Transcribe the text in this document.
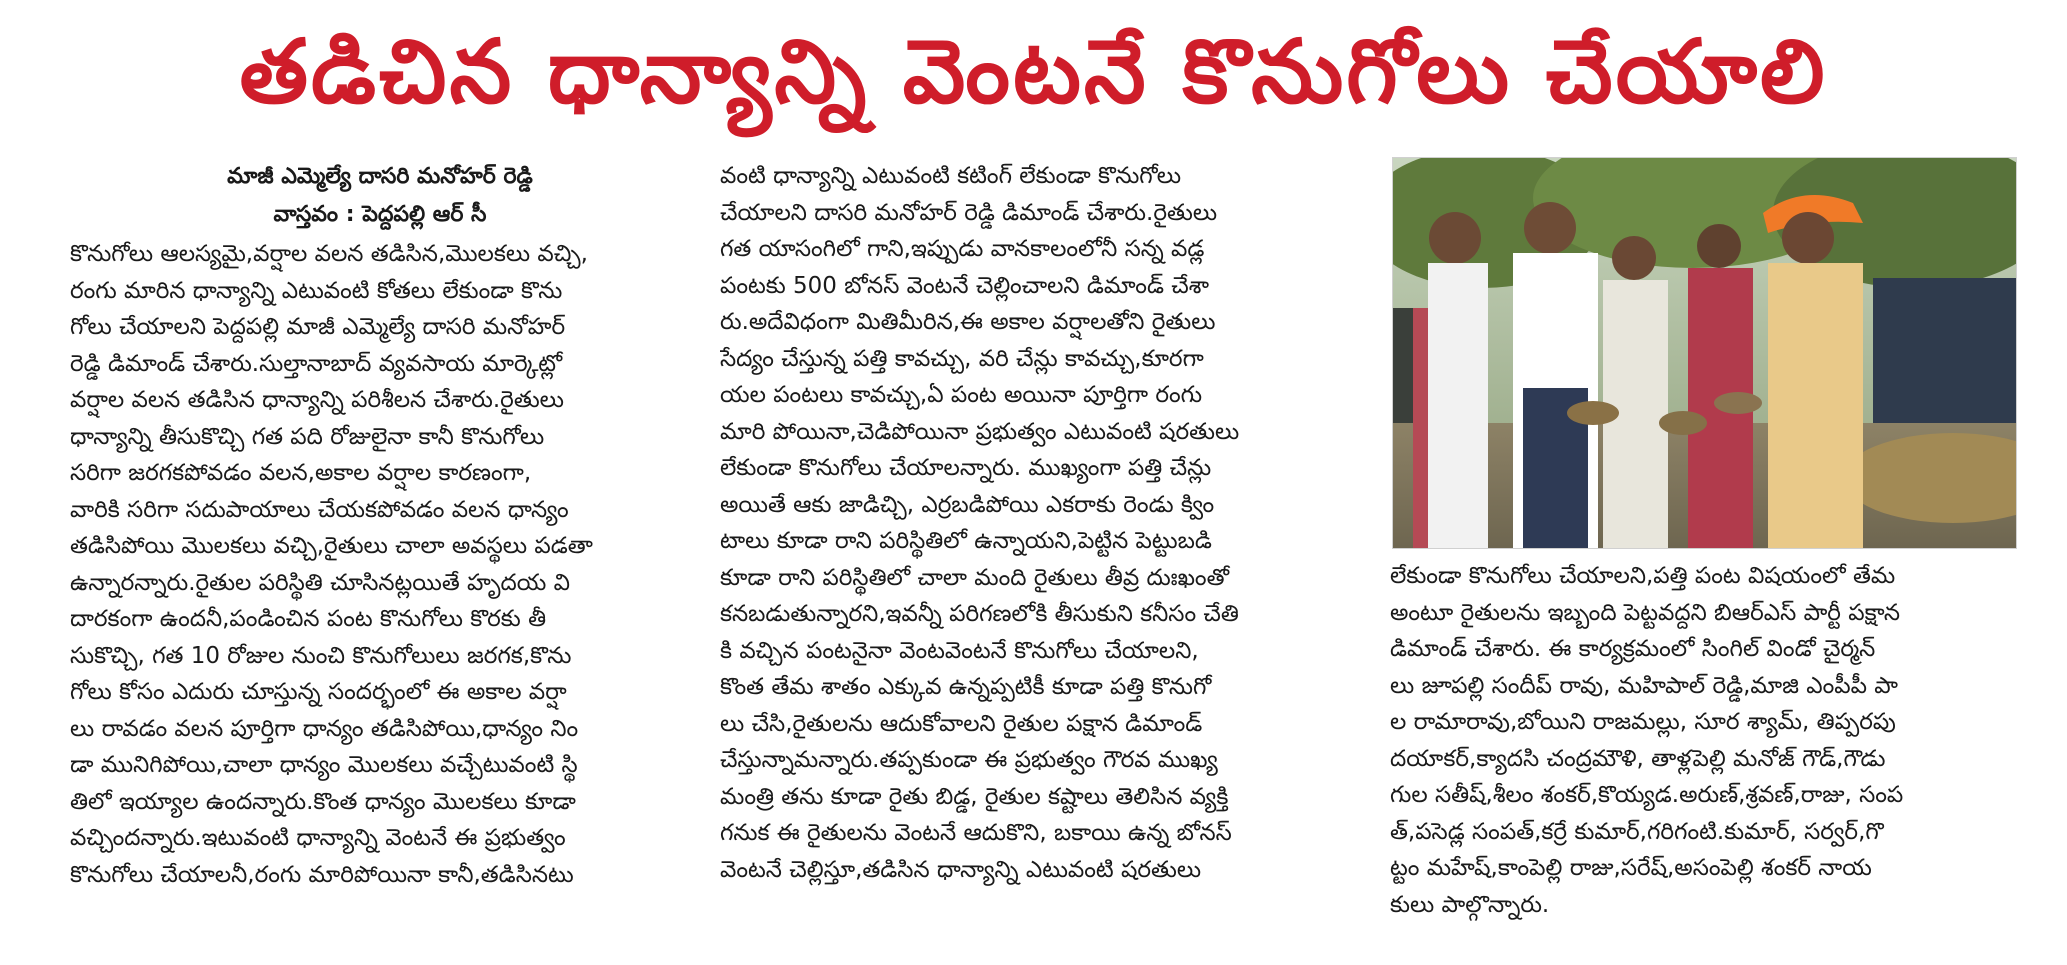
తడిచిన ధాన్యాన్ని వెంటనే కొనుగోలు చేయాలి
మాజీ ఎమ్మెల్యే దాసరి మనోహర్ రెడ్డి
వాస్తవం : పెద్దపల్లి ఆర్ సీ
కొనుగోలు ఆలస్యమై,వర్షాల వలన తడిసిన,మొలకలు వచ్చి,
రంగు మారిన ధాన్యాన్ని ఎటువంటి కోతలు లేకుండా కొను
గోలు చేయాలని పెద్దపల్లి మాజీ ఎమ్మెల్యే దాసరి మనోహర్
రెడ్డి డిమాండ్ చేశారు.సుల్తానాబాద్ వ్యవసాయ మార్కెట్లో
వర్షాల వలన తడిసిన ధాన్యాన్ని పరిశీలన చేశారు.రైతులు
ధాన్యాన్ని తీసుకొచ్చి గత పది రోజులైనా కానీ కొనుగోలు
సరిగా జరగకపోవడం వలన,అకాల వర్షాల కారణంగా,
వారికి సరిగా సదుపాయాలు చేయకపోవడం వలన ధాన్యం
తడిసిపోయి మొలకలు వచ్చి,రైతులు చాలా అవస్థలు పడతా
ఉన్నారన్నారు.రైతుల పరిస్థితి చూసినట్లయితే హృదయ వి
దారకంగా ఉందనీ,పండించిన పంట కొనుగోలు కొరకు తీ
సుకొచ్చి, గత 10 రోజుల నుంచి కొనుగోలులు జరగక,కొను
గోలు కోసం ఎదురు చూస్తున్న సందర్భంలో ఈ అకాల వర్షా
లు రావడం వలన పూర్తిగా ధాన్యం తడిసిపోయి,ధాన్యం నిం
డా మునిగిపోయి,చాలా ధాన్యం మొలకలు వచ్చేటువంటి స్థి
తిలో ఇయ్యాల ఉందన్నారు.కొంత ధాన్యం మొలకలు కూడా
వచ్చిందన్నారు.ఇటువంటి ధాన్యాన్ని వెంటనే ఈ ప్రభుత్వం
కొనుగోలు చేయాలనీ,రంగు మారిపోయినా కానీ,తడిసినటు
వంటి ధాన్యాన్ని ఎటువంటి కటింగ్ లేకుండా కొనుగోలు
చేయాలని దాసరి మనోహర్ రెడ్డి డిమాండ్ చేశారు.రైతులు
గత యాసంగిలో గాని,ఇప్పుడు వానకాలంలోనీ సన్న వడ్ల
పంటకు 500 బోనస్ వెంటనే చెల్లించాలని డిమాండ్ చేశా
రు.అదేవిధంగా మితిమీరిన,ఈ అకాల వర్షాలతోని రైతులు
సేద్యం చేస్తున్న పత్తి కావచ్చు, వరి చేన్లు కావచ్చు,కూరగా
యల పంటలు కావచ్చు,ఏ పంట అయినా పూర్తిగా రంగు
మారి పోయినా,చెడిపోయినా ప్రభుత్వం ఎటువంటి షరతులు
లేకుండా కొనుగోలు చేయాలన్నారు. ముఖ్యంగా పత్తి చేన్లు
అయితే ఆకు జాడిచ్చి, ఎర్రబడిపోయి ఎకరాకు రెండు క్విం
టాలు కూడా రాని పరిస్థితిలో ఉన్నాయని,పెట్టిన పెట్టుబడి
కూడా రాని పరిస్థితిలో చాలా మంది రైతులు తీవ్ర దుఃఖంతో
కనబడుతున్నారని,ఇవన్నీ పరిగణలోకి తీసుకుని కనీసం చేతి
కి వచ్చిన పంటనైనా వెంటవెంటనే కొనుగోలు చేయాలని,
కొంత తేమ శాతం ఎక్కువ ఉన్నప్పటికీ కూడా పత్తి కొనుగో
లు చేసి,రైతులను ఆదుకోవాలని రైతుల పక్షాన డిమాండ్
చేస్తున్నామన్నారు.తప్పకుండా ఈ ప్రభుత్వం గౌరవ ముఖ్య
మంత్రి తను కూడా రైతు బిడ్డ, రైతుల కష్టాలు తెలిసిన వ్యక్తి
గనుక ఈ రైతులను వెంటనే ఆదుకొని, బకాయి ఉన్న బోనస్
వెంటనే చెల్లిస్తూ,తడిసిన ధాన్యాన్ని ఎటువంటి షరతులు
లేకుండా కొనుగోలు చేయాలని,పత్తి పంట విషయంలో తేమ
అంటూ రైతులను ఇబ్బంది పెట్టవద్దని బిఆర్ఎస్ పార్టీ పక్షాన
డిమాండ్ చేశారు. ఈ కార్యక్రమంలో సింగిల్ విండో చైర్మన్
లు జూపల్లి సందీప్ రావు, మహిపాల్ రెడ్డి,మాజి ఎంపీపీ పా
ల రామారావు,బోయిని రాజమల్లు, సూర శ్యామ్, తిప్పరపు
దయాకర్,క్యాదసి చంద్రమౌళి, తాళ్లపెల్లి మనోజ్ గౌడ్,గౌడు
గుల సతీష్,శీలం శంకర్,కొయ్యడ.అరుణ్,శ్రవణ్,రాజు, సంప
త్,పసెడ్ల సంపత్,కర్రే కుమార్,గరిగంటి.కుమార్, సర్వర్,గొ
ట్టం మహేష్,కాంపెల్లి రాజు,సరేష్,అసంపెల్లి శంకర్ నాయ
కులు పాల్గొన్నారు.
